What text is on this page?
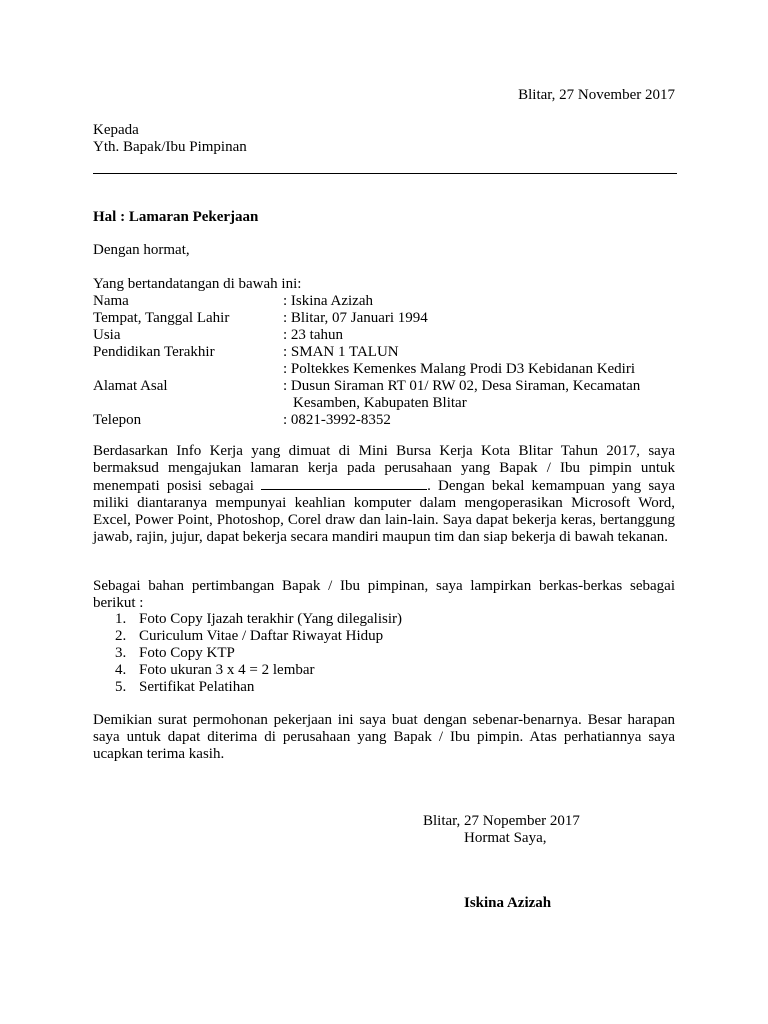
Blitar, 27 November 2017
Kepada
Yth. Bapak/Ibu Pimpinan
Hal : Lamaran Pekerjaan
Dengan hormat,
Yang bertandatangan di bawah ini:
Nama	: Iskina Azizah
Tempat, Tanggal Lahir	: Blitar, 07 Januari 1994
Usia	: 23 tahun
Pendidikan Terakhir	: SMAN 1 TALUN
: Poltekkes Kemenkes Malang Prodi D3 Kebidanan Kediri
Alamat Asal	: Dusun Siraman RT 01/ RW 02, Desa Siraman, Kecamatan
Kesamben, Kabupaten Blitar
Telepon	: 0821-3992-8352
Berdasarkan Info Kerja yang dimuat di Mini Bursa Kerja Kota Blitar Tahun 2017, saya bermaksud mengajukan lamaran kerja pada perusahaan yang Bapak / Ibu pimpin untuk menempati posisi sebagai	. Dengan bekal kemampuan yang saya miliki diantaranya mempunyai keahlian komputer dalam mengoperasikan Microsoft Word, Excel, Power Point, Photoshop, Corel draw dan lain-lain. Saya dapat bekerja keras, bertanggung jawab, rajin, jujur, dapat bekerja secara mandiri maupun tim dan siap bekerja di bawah tekanan.
Sebagai bahan pertimbangan Bapak / Ibu pimpinan, saya lampirkan berkas-berkas sebagai berikut :
1. Foto Copy Ijazah terakhir (Yang dilegalisir)
2. Curiculum Vitae / Daftar Riwayat Hidup
3. Foto Copy KTP
4. Foto ukuran 3 x 4 = 2 lembar
5. Sertifikat Pelatihan
Demikian surat permohonan pekerjaan ini saya buat dengan sebenar-benarnya. Besar harapan saya untuk dapat diterima di perusahaan yang Bapak / Ibu pimpin. Atas perhatiannya saya ucapkan terima kasih.
Blitar, 27 Nopember 2017
Hormat Saya,
Iskina Azizah
